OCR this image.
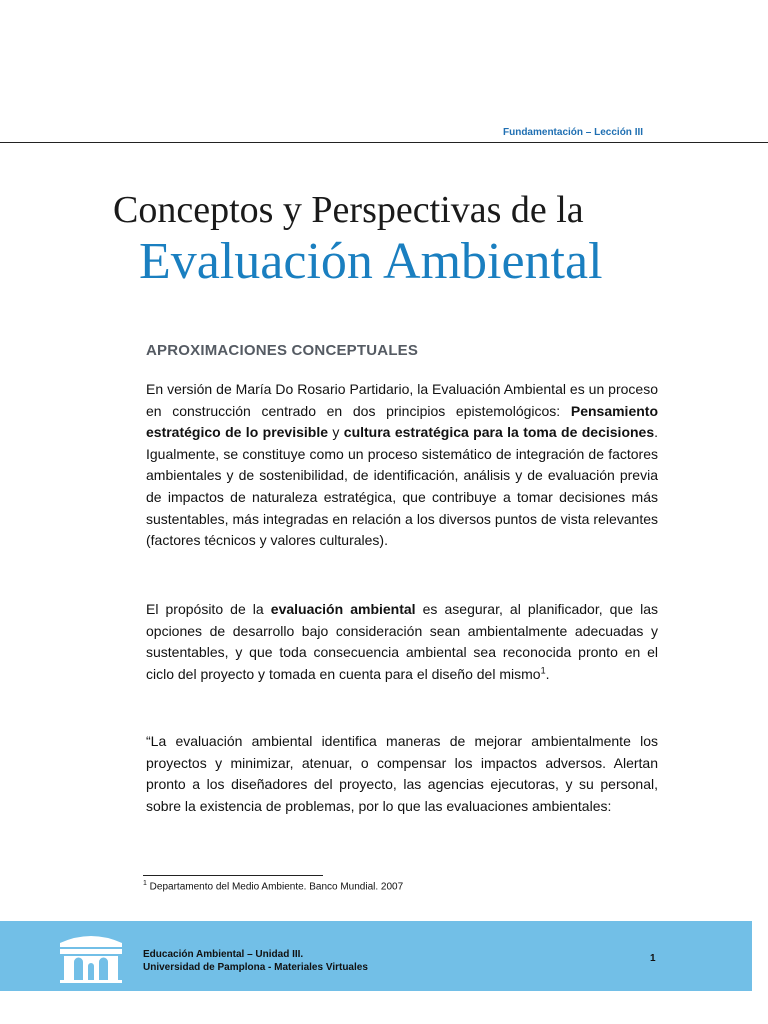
Fundamentación – Lección III
Conceptos y Perspectivas de la
Evaluación Ambiental
APROXIMACIONES CONCEPTUALES
En versión de María Do Rosario Partidario, la Evaluación Ambiental es un proceso en construcción centrado en dos principios epistemológicos: Pensamiento estratégico de lo previsible y cultura estratégica para la toma de decisiones. Igualmente, se constituye como un proceso sistemático de integración de factores ambientales y de sostenibilidad, de identificación, análisis y de evaluación previa de impactos de naturaleza estratégica, que contribuye a tomar decisiones más sustentables, más integradas en relación a los diversos puntos de vista relevantes (factores técnicos y valores culturales).
El propósito de la evaluación ambiental es asegurar, al planificador, que las opciones de desarrollo bajo consideración sean ambientalmente adecuadas y sustentables, y que toda consecuencia ambiental sea reconocida pronto en el ciclo del proyecto y tomada en cuenta para el diseño del mismo$^1$.
“La evaluación ambiental identifica maneras de mejorar ambientalmente los proyectos y minimizar, atenuar, o compensar los impactos adversos. Alertan pronto a los diseñadores del proyecto, las agencias ejecutoras, y su personal, sobre la existencia de problemas, por lo que las evaluaciones ambientales:
$^1$ Departamento del Medio Ambiente. Banco Mundial. 2007
Educación Ambiental – Unidad III.
Universidad de Pamplona - Materiales Virtuales
1
